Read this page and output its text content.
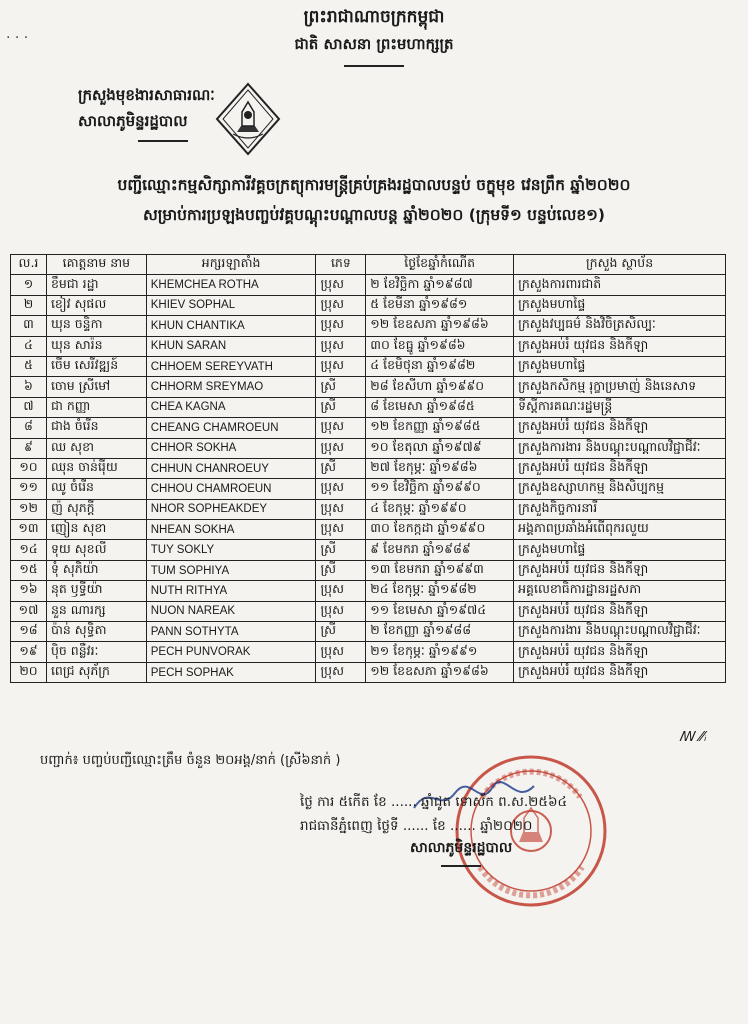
· · ·
ព្រះរាជាណាចក្រកម្ពុជា
ជាតិ សាសនា ព្រះមហាក្សត្រ
ក្រសួងមុខងារសាធារណៈ
សាលាភូមិន្ទរដ្ឋបាល
បញ្ជីឈ្មោះកម្មសិក្សាការីវគ្គចក្រត្យុការមន្ត្រីគ្រប់គ្រងរដ្ឋបាលបន្ទប់ ចក្ខុមុខ វេនព្រឹក ឆ្នាំ២០២០
សម្រាប់ការប្រឡងបញ្ចប់វគ្គបណ្ដុះបណ្ដាលបន្ត ឆ្នាំ២០២០ (ក្រុមទី១ បន្ទប់លេខ១)
ល.រ	គោត្តនាម នាម	អក្សរឡាតាំង	ភេទ	ថ្ងៃខែឆ្នាំកំណើត	ក្រសួង ស្ថាប័ន
១	ខឹមជា រដ្ឋា	KHEMCHEA ROTHA	ប្រុស	២ ខែវិច្ឆិកា ឆ្នាំ១៩៨៧	ក្រសួងការពារជាតិ
២	ខៀវ សុផល	KHIEV SOPHAL	ប្រុស	៥ ខែមីនា ឆ្នាំ១៩៨១	ក្រសួងមហាផ្ទៃ
៣	ឃុន ចន្ទិកា	KHUN CHANTIKA	ប្រុស	១២ ខែឧសភា ឆ្នាំ១៩៨៦	ក្រសួងវប្បធម៌ និងវិចិត្រសិល្បៈ
៤	ឃុន សារ៉ន	KHUN SARAN	ប្រុស	៣០ ខែធ្នូ ឆ្នាំ១៩៨៦	ក្រសួងអប់រំ យុវជន និងកីឡា
៥	ចើម សេរីវឌ្ឍន៍	CHHOEM SEREYVATH	ប្រុស	៤ ខែមិថុនា ឆ្នាំ១៩៨២	ក្រសួងមហាផ្ទៃ
៦	ចោម ស្រីមៅ	CHHORM SREYMAO	ស្រី	២៨ ខែសីហា ឆ្នាំ១៩៩០	ក្រសួងកសិកម្ម រុក្ខាប្រមាញ់ និងនេសាទ
៧	ជា កញ្ញា	CHEA KAGNA	ស្រី	៨ ខែមេសា ឆ្នាំ១៩៨៥	ទីស្ដីការគណៈរដ្ឋមន្ត្រី
៨	ជាង ចំរើន	CHEANG CHAMROEUN	ប្រុស	១២ ខែកញ្ញា ឆ្នាំ១៩៨៥	ក្រសួងអប់រំ យុវជន និងកីឡា
៩	ឈ សុខា	CHHOR SOKHA	ប្រុស	១០ ខែតុលា ឆ្នាំ១៩៧៩	ក្រសួងការងារ និងបណ្ដុះបណ្ដាលវិជ្ជាជីវៈ
១០	ឈុន ចាន់រ៉ើយ	CHHUN CHANROEUY	ស្រី	២៧ ខែកុម្ភៈ ឆ្នាំ១៩៨៦	ក្រសួងអប់រំ យុវជន និងកីឡា
១១	ឈូ ចំរើន	CHHOU CHAMROEUN	ប្រុស	១១ ខែវិច្ឆិកា ឆ្នាំ១៩៩០	ក្រសួងឧស្សាហកម្ម និងសិប្បកម្ម
១២	ញ៉ សុភក្ដី	NHOR SOPHEAKDEY	ប្រុស	៤ ខែកុម្ភៈ ឆ្នាំ១៩៩០	ក្រសួងកិច្ចការនារី
១៣	ញៀន សុខា	NHEAN SOKHA	ប្រុស	៣០ ខែកក្កដា ឆ្នាំ១៩៩០	អង្គភាពប្រឆាំងអំពើពុករលួយ
១៤	ទុយ សុខលី	TUY SOKLY	ស្រី	៩ ខែមករា ឆ្នាំ១៩៨៩	ក្រសួងមហាផ្ទៃ
១៥	ទុំ សុភិយ៉ា	TUM SOPHIYA	ស្រី	១៣ ខែមករា ឆ្នាំ១៩៩៣	ក្រសួងអប់រំ យុវជន និងកីឡា
១៦	នុត ឫទ្ធីយ៉ា	NUTH RITHYA	ប្រុស	២៤ ខែកុម្ភៈ ឆ្នាំ១៩៨២	អគ្គលេខាធិការដ្ឋានរដ្ឋសភា
១៧	នួន ណារក្ស	NUON NAREAK	ប្រុស	១១ ខែមេសា ឆ្នាំ១៩៧៤	ក្រសួងអប់រំ យុវជន និងកីឡា
១៨	ប៉ាន់ សុទ្ធិតា	PANN SOTHYTA	ស្រី	២ ខែកញ្ញា ឆ្នាំ១៩៨៨	ក្រសួងការងារ និងបណ្ដុះបណ្ដាលវិជ្ជាជីវៈ
១៩	ប៉ិច ពន្លឺវរៈ	PECH PUNVORAK	ប្រុស	២១ ខែកុម្ភៈ ឆ្នាំ១៩៩១	ក្រសួងអប់រំ យុវជន និងកីឡា
២០	ពេជ្រ សុភ័ក្រ	PECH SOPHAK	ប្រុស	១២ ខែឧសភា ឆ្នាំ១៩៨៦	ក្រសួងអប់រំ យុវជន និងកីឡា
ꟿ ⁄⁄ᵢ
បញ្ជាក់៖ បញ្ចប់បញ្ជីឈ្មោះត្រឹម ចំនួន ២០អង្គ/នាក់ (ស្រី៦នាក់ )
ថ្ងៃ ការ ៥កើត ខែ ...... ឆ្នាំជូត ទោស័ក ព.ស.២៥៦៤
រាជធានីភ្នំពេញ ថ្ងៃទី ...... ខែ ...... ឆ្នាំ២០២០
សាលាភូមិន្ទរដ្ឋបាល
